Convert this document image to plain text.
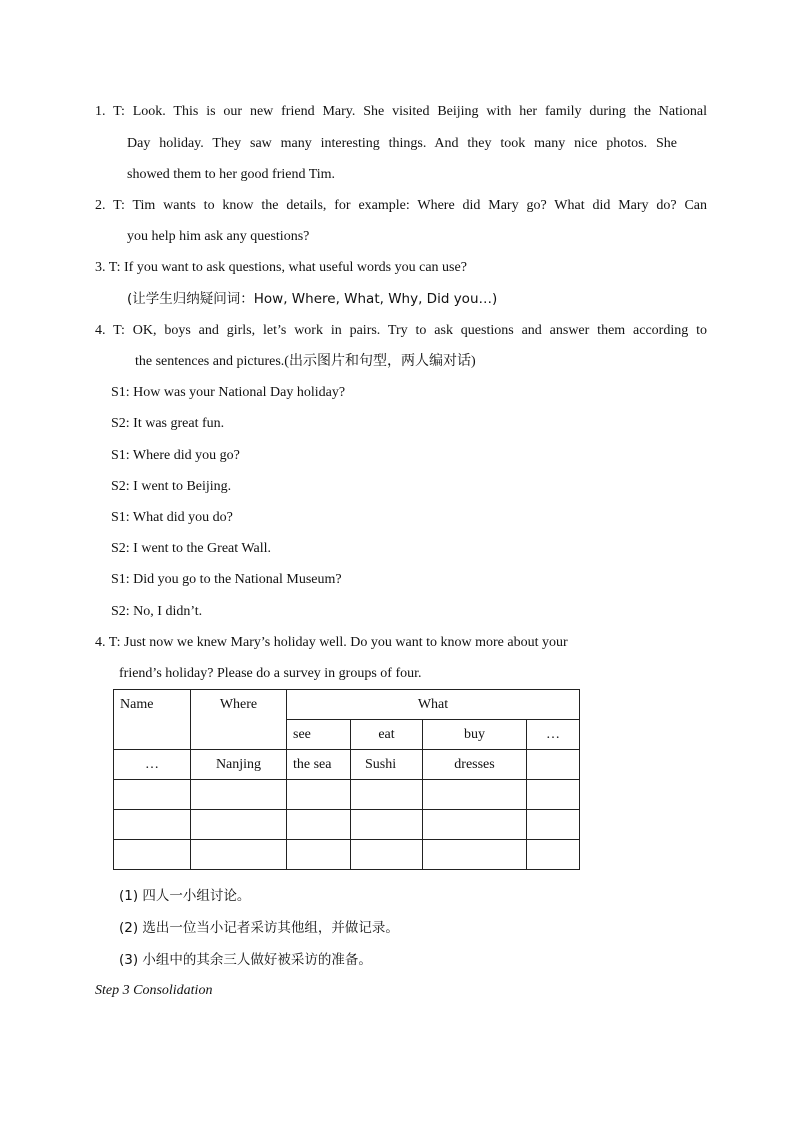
1. T: Look. This is our new friend Mary. She visited Beijing with her family during the National
Day holiday. They saw many interesting things. And they took many nice photos. She
showed them to her good friend Tim.
2. T: Tim wants to know the details, for example: Where did Mary go? What did Mary do? Can
you help him ask any questions?
3. T: If you want to ask questions, what useful words you can use?
(让学生归纳疑问词：How, Where, What, Why, Did you…)
4. T: OK, boys and girls, let’s work in pairs. Try to ask questions and answer them according to
the sentences and pictures.(出示图片和句型，两人编对话)
S1: How was your National Day holiday?
S2: It was great fun.
S1: Where did you go?
S2: I went to Beijing.
S1: What did you do?
S2: I went to the Great Wall.
S1: Did you go to the National Museum?
S2: No, I didn’t.
4. T: Just now we knew Mary’s holiday well. Do you want to know more about your
friend’s holiday? Please do a survey in groups of four.
Name	Where	What			
		see	eat	buy	…
…	Nanjing	the sea	Sushi	dresses	

(1) 四人一小组讨论。
(2) 选出一位当小记者采访其他组，并做记录。
(3) 小组中的其余三人做好被采访的准备。
Step 3 Consolidation
